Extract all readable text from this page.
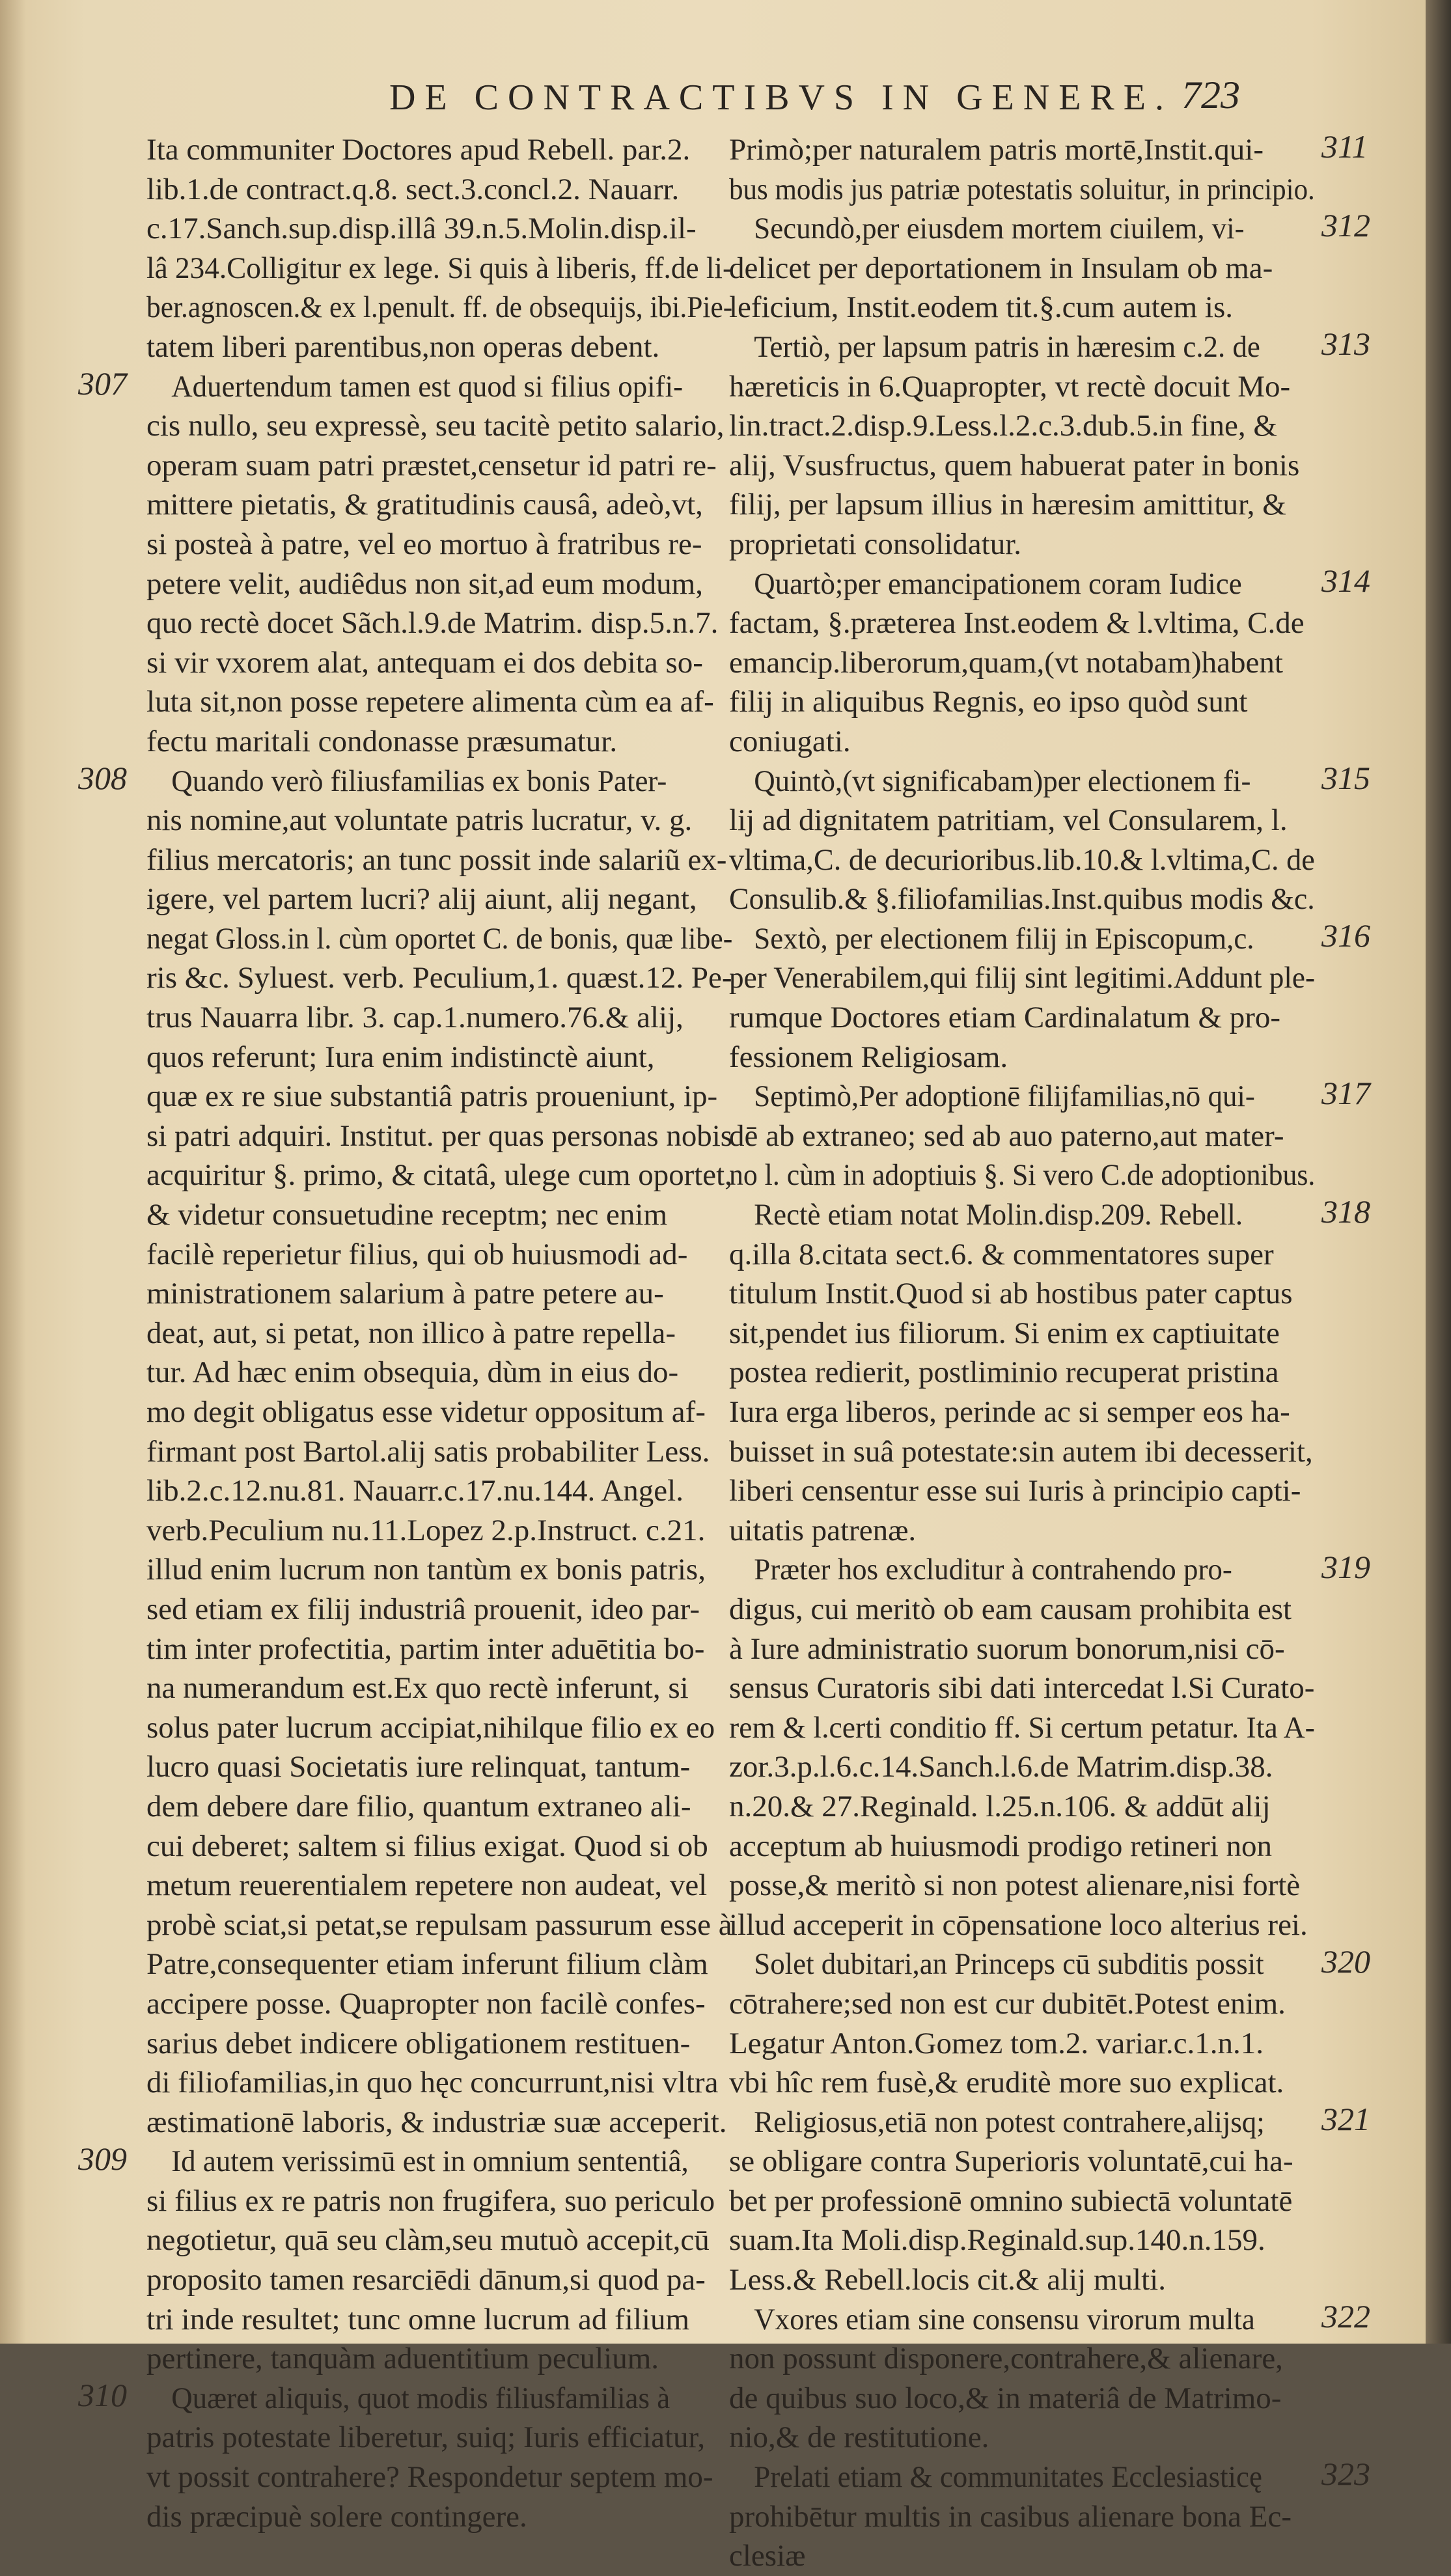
DE CONTRACTIBVS IN GENERE. 723
Ita communiter Doctores apud Rebell. par.2.
lib.1.de contract.q.8. sect.3.concl.2. Nauarr.
c.17.Sanch.sup.disp.illâ 39.n.5.Molin.disp.il-
lâ 234.Colligitur ex lege. Si quis à liberis, ff.de li-
ber.agnoscen.& ex l.penult. ff. de obsequijs, ibi.Pie-
tatem liberi parentibus,non operas debent.
Aduertendum tamen est quod si filius opifi-
cis nullo, seu expressè, seu tacitè petito salario,
operam suam patri præstet,censetur id patri re-
mittere pietatis, & gratitudinis causâ, adeò,vt,
si posteà à patre, vel eo mortuo à fratribus re-
petere velit, audiêdus non sit,ad eum modum,
quo rectè docet Sãch.l.9.de Matrim. disp.5.n.7.
si vir vxorem alat, antequam ei dos debita so-
luta sit,non posse repetere alimenta cùm ea af-
fectu maritali condonasse præsumatur.
Quando verò filiusfamilias ex bonis Pater-
nis nomine,aut voluntate patris lucratur, v. g.
filius mercatoris; an tunc possit inde salariũ ex-
igere, vel partem lucri? alij aiunt, alij negant,
negat Gloss.in l. cùm oportet C. de bonis, quæ libe-
ris &c. Syluest. verb. Peculium,1. quæst.12. Pe-
trus Nauarra libr. 3. cap.1.numero.76.& alij,
quos referunt; Iura enim indistinctè aiunt,
quæ ex re siue substantiâ patris proueniunt, ip-
si patri adquiri. Institut. per quas personas nobis
acquiritur §. primo, & citatâ, ulege cum oportet,
& videtur consuetudine receptm; nec enim
facilè reperietur filius, qui ob huiusmodi ad-
ministrationem salarium à patre petere au-
deat, aut, si petat, non illico à patre repella-
tur. Ad hæc enim obsequia, dùm in eius do-
mo degit obligatus esse videtur oppositum af-
firmant post Bartol.alij satis probabiliter Less.
lib.2.c.12.nu.81. Nauarr.c.17.nu.144. Angel.
verb.Peculium nu.11.Lopez 2.p.Instruct. c.21.
illud enim lucrum non tantùm ex bonis patris,
sed etiam ex filij industriâ prouenit, ideo par-
tim inter profectitia, partim inter aduētitia bo-
na numerandum est.Ex quo rectè inferunt, si
solus pater lucrum accipiat,nihilque filio ex eo
lucro quasi Societatis iure relinquat, tantum-
dem debere dare filio, quantum extraneo ali-
cui deberet; saltem si filius exigat. Quod si ob
metum reuerentialem repetere non audeat, vel
probè sciat,si petat,se repulsam passurum esse à
Patre,consequenter etiam inferunt filium clàm
accipere posse. Quapropter non facilè confes-
sarius debet indicere obligationem restituen-
di filiofamilias,in quo hęc concurrunt,nisi vltra
æstimationē laboris, & industriæ suæ acceperit.
Id autem verissimū est in omnium sententiâ,
si filius ex re patris non frugifera, suo periculo
negotietur, quā seu clàm,seu mutuò accepit,cū
proposito tamen resarciēdi dānum,si quod pa-
tri inde resultet; tunc omne lucrum ad filium
pertinere, tanquàm aduentitium peculium.
Quæret aliquis, quot modis filiusfamilias à
patris potestate liberetur, suiq; Iuris efficiatur,
vt possit contrahere? Respondetur septem mo-
dis præcipuè solere contingere.
Primò;per naturalem patris mortē,Instit.qui-
bus modis jus patriæ potestatis soluitur, in principio.
Secundò,per eiusdem mortem ciuilem, vi-
delicet per deportationem in Insulam ob ma-
leficium, Instit.eodem tit.§.cum autem is.
Tertiò, per lapsum patris in hæresim c.2. de
hæreticis in 6.Quapropter, vt rectè docuit Mo-
lin.tract.2.disp.9.Less.l.2.c.3.dub.5.in fine, &
alij, Vsusfructus, quem habuerat pater in bonis
filij, per lapsum illius in hæresim amittitur, &
proprietati consolidatur.
Quartò;per emancipationem coram Iudice
factam, §.præterea Inst.eodem & l.vltima, C.de
emancip.liberorum,quam,(vt notabam)habent
filij in aliquibus Regnis, eo ipso quòd sunt
coniugati.
Quintò,(vt significabam)per electionem fi-
lij ad dignitatem patritiam, vel Consularem, l.
vltima,C. de decurioribus.lib.10.& l.vltima,C. de
Consulib.& §.filiofamilias.Inst.quibus modis &c.
Sextò, per electionem filij in Episcopum,c.
per Venerabilem,qui filij sint legitimi.Addunt ple-
rumque Doctores etiam Cardinalatum & pro-
fessionem Religiosam.
Septimò,Per adoptionē filijfamilias,nō qui-
dē ab extraneo; sed ab auo paterno,aut mater-
no l. cùm in adoptiuis §. Si vero C.de adoptionibus.
Rectè etiam notat Molin.disp.209. Rebell.
q.illa 8.citata sect.6. & commentatores super
titulum Instit.Quod si ab hostibus pater captus
sit,pendet ius filiorum. Si enim ex captiuitate
postea redierit, postliminio recuperat pristina
Iura erga liberos, perinde ac si semper eos ha-
buisset in suâ potestate:sin autem ibi decesserit,
liberi censentur esse sui Iuris à principio capti-
uitatis patrenæ.
Præter hos excluditur à contrahendo pro-
digus, cui meritò ob eam causam prohibita est
à Iure administratio suorum bonorum,nisi cō-
sensus Curatoris sibi dati intercedat l.Si Curato-
rem & l.certi conditio ff. Si certum petatur. Ita A-
zor.3.p.l.6.c.14.Sanch.l.6.de Matrim.disp.38.
n.20.& 27.Reginald. l.25.n.106. & addūt alij
acceptum ab huiusmodi prodigo retineri non
posse,& meritò si non potest alienare,nisi fortè
illud acceperit in cōpensatione loco alterius rei.
Solet dubitari,an Princeps cū subditis possit
cōtrahere;sed non est cur dubitēt.Potest enim.
Legatur Anton.Gomez tom.2. variar.c.1.n.1.
vbi hîc rem fusè,& eruditè more suo explicat.
Religiosus,etiā non potest contrahere,alijsq;
se obligare contra Superioris voluntatē,cui ha-
bet per professionē omnino subiectā voluntatē
suam.Ita Moli.disp.Reginald.sup.140.n.159.
Less.& Rebell.locis cit.& alij multi.
Vxores etiam sine consensu virorum multa
non possunt disponere,contrahere,& alienare,
de quibus suo loco,& in materiâ de Matrimo-
nio,& de restitutione.
Prelati etiam & communitates Ecclesiasticę
prohibētur multis in casibus alienare bona Ec-
clesiæ
307
308
309
310
311
312
313
314
315
316
317
318
319
320
321
322
323
